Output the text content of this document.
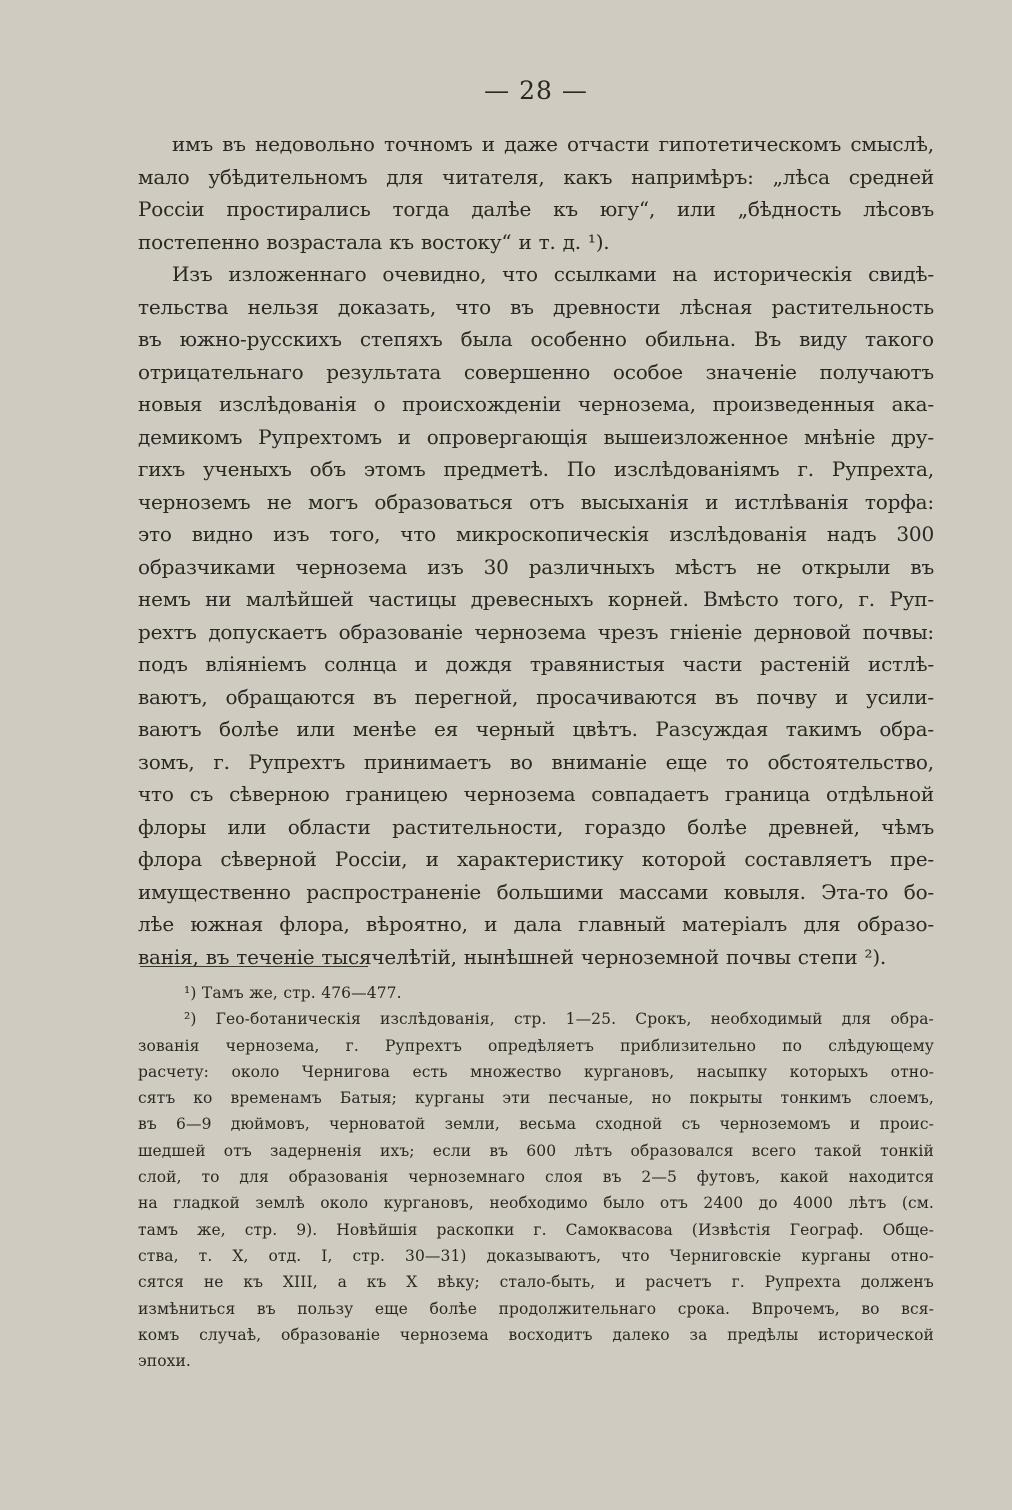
— 28 —
имъ въ недовольно точномъ и даже отчасти гипотетическомъ смыслѣ,
мало убѣдительномъ для читателя, какъ напримѣръ: „лѣса средней
Россіи простирались тогда далѣе къ югу“, или „бѣдность лѣсовъ
постепенно возрастала къ востоку“ и т. д. ¹).
Изъ изложеннаго очевидно, что ссылками на историческія свидѣ-
тельства нельзя доказать, что въ древности лѣсная растительность
въ южно-русскихъ степяхъ была особенно обильна. Въ виду такого
отрицательнаго результата совершенно особое значеніе получаютъ
новыя изслѣдованія о происхожденіи чернозема, произведенныя ака-
демикомъ Рупрехтомъ и опровергающія вышеизложенное мнѣніе дру-
гихъ ученыхъ объ этомъ предметѣ. По изслѣдованіямъ г. Рупрехта,
черноземъ не могъ образоваться отъ высыханія и истлѣванія торфа:
это видно изъ того, что микроскопическія изслѣдованія надъ 300
образчиками чернозема изъ 30 различныхъ мѣстъ не открыли въ
немъ ни малѣйшей частицы древесныхъ корней. Вмѣсто того, г. Руп-
рехтъ допускаетъ образованіе чернозема чрезъ гніеніе дерновой почвы:
подъ вліяніемъ солнца и дождя травянистыя части растеній истлѣ-
ваютъ, обращаются въ перегной, просачиваются въ почву и усили-
ваютъ болѣе или менѣе ея черный цвѣтъ. Разсуждая такимъ обра-
зомъ, г. Рупрехтъ принимаетъ во вниманіе еще то обстоятельство,
что съ сѣверною границею чернозема совпадаетъ граница отдѣльной
флоры или области растительности, гораздо болѣе древней, чѣмъ
флора сѣверной Россіи, и характеристику которой составляетъ пре-
имущественно распространеніе большими массами ковыля. Эта-то бо-
лѣе южная флора, вѣроятно, и дала главный матеріалъ для образо-
ванія, въ теченіе тысячелѣтій, нынѣшней черноземной почвы степи ²).
¹) Тамъ же, стр. 476—477.
²) Гео-ботаническія изслѣдованія, стр. 1—25. Срокъ, необходимый для обра-
зованія чернозема, г. Рупрехтъ опредѣляетъ приблизительно по слѣдующему
расчету: около Чернигова есть множество кургановъ, насыпку которыхъ отно-
сятъ ко временамъ Батыя; курганы эти песчаные, но покрыты тонкимъ слоемъ,
въ 6—9 дюймовъ, черноватой земли, весьма сходной съ черноземомъ и проис-
шедшей отъ задерненія ихъ; если въ 600 лѣтъ образовался всего такой тонкій
слой, то для образованія черноземнаго слоя въ 2—5 футовъ, какой находится
на гладкой землѣ около кургановъ, необходимо было отъ 2400 до 4000 лѣтъ (см.
тамъ же, стр. 9). Новѣйшія раскопки г. Самоквасова (Извѣстія Географ. Обще-
ства, т. X, отд. I, стр. 30—31) доказываютъ, что Черниговскіе курганы отно-
сятся не къ XIII, а къ X вѣку; стало-быть, и расчетъ г. Рупрехта долженъ
измѣниться въ пользу еще болѣе продолжительнаго срока. Впрочемъ, во вся-
комъ случаѣ, образованіе чернозема восходитъ далеко за предѣлы исторической
эпохи.
